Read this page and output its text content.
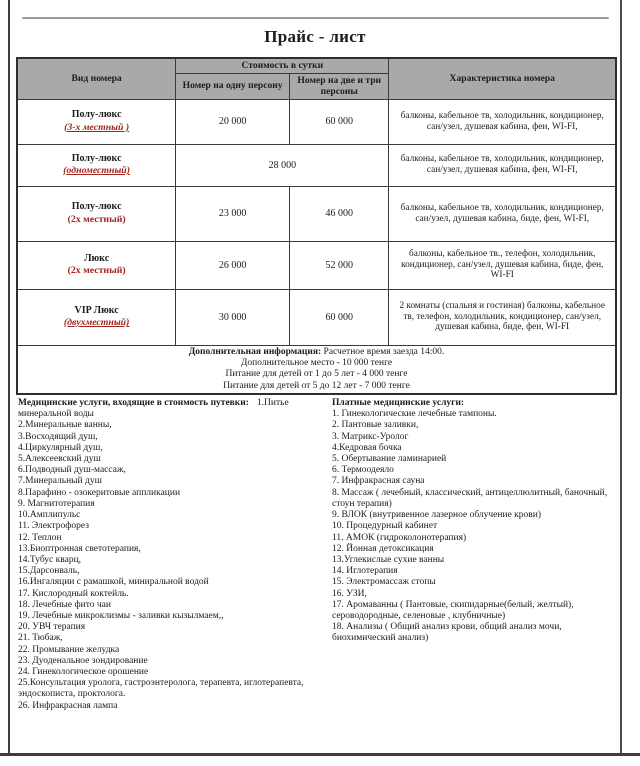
Прайс - лист
Вид номера	Стоимость в сутки		Характеристика номера
	Номер на одну персону	Номер на две и три персоны	

Полу-люкс
(3-х местный )	20 000	60 000	балконы, кабельное тв, холодильник, кондиционер, сан/узел, душевая кабина, фен, WI-FI,

Полу-люкс
(одноместный)	28 000		балконы, кабельное тв, холодильник, кондиционер, сан/узел, душевая кабина, фен, WI-FI,

Полу-люкс
(2х местный)	23 000	46 000	балконы, кабельное тв, холодильник, кондиционер, сан/узел, душевая кабина, биде, фен, WI-FI,

Люкс
(2х местный)	26 000	52 000	балконы, кабельное тв., телефон, холодильник, кондиционер, сан/узел, душевая кабина, биде, фен, WI-FI

VIP Люкс
(двухместный)	30 000	60 000	2 комнаты (спальня и гостиная) балконы, кабельное тв, телефон, холодильник, кондиционер, сан/узел, душевая кабина, биде, фен, WI-FI

Дополнительная информация: Расчетное время заезда 14:00.
Дополнительное место - 10 000 тенге
Питание для детей от 1 до 5 лет - 4 000 тенге
Питание для детей от 5 до 12 лет - 7 000 тенге			
Медицинские услуги, входящие в стоимость путевки: 1.Питье минеральной воды
2.Минеральные ванны,
3.Восходящий душ,
4.Циркулярный душ,
5.Алексеевский душ
6.Подводный душ-массаж,
7.Минеральный душ
8.Парафино - озокеритовые аппликации
9. Магнитотерапия
10.Амплипульс
11. Электрофорез
12. Теплон
13.Биоптронная светотерапия,
14.Тубус кварц,
15.Дарсонваль,
16.Ингаляции с рамашкой, миниральной водой
17. Кислородный коктейль.
18. Лечебные фито чаи
19. Лечебные микроклизмы - заливки кызылмаем,,
20. УВЧ терапия
21. Тюбаж,
22. Промывание желудка
23. Дуоденальное зондирование
24. Гинекологическое орошение
25.Консультация уролога, гастроэнтеролога, терапевта, иглотерапевта, эндоскописта, проктолога.
26. Инфракрасная лампа
Платные медицинские услуги:
1. Гинекологические лечебные тампоны.
2. Пантовые заливки,
3. Матрикс-Уролог
4.Кедровая бочка
5. Обертывание ламинарией
6. Термоодеяло
7. Инфракрасная сауна
8. Массаж ( лечебный, классический, антицеллюлитный, баночный, стоун терапия)
9. ВЛОК (внутривенное лазерное облучение крови)
10. Процедурный кабинет
11. АМОК (гидроколонотерапия)
12. Йонная детоксикация
13.Углекислые сухие ванны
14. Иглотерапия
15. Электромассаж стопы
16. УЗИ,
17. Аромаванны ( Пантовые, скипидарные(белый, желтый), сероводородные, селеновые , клубничные)
18. Анализы ( Общий анализ крови, общий анализ мочи, биохимический анализ)
